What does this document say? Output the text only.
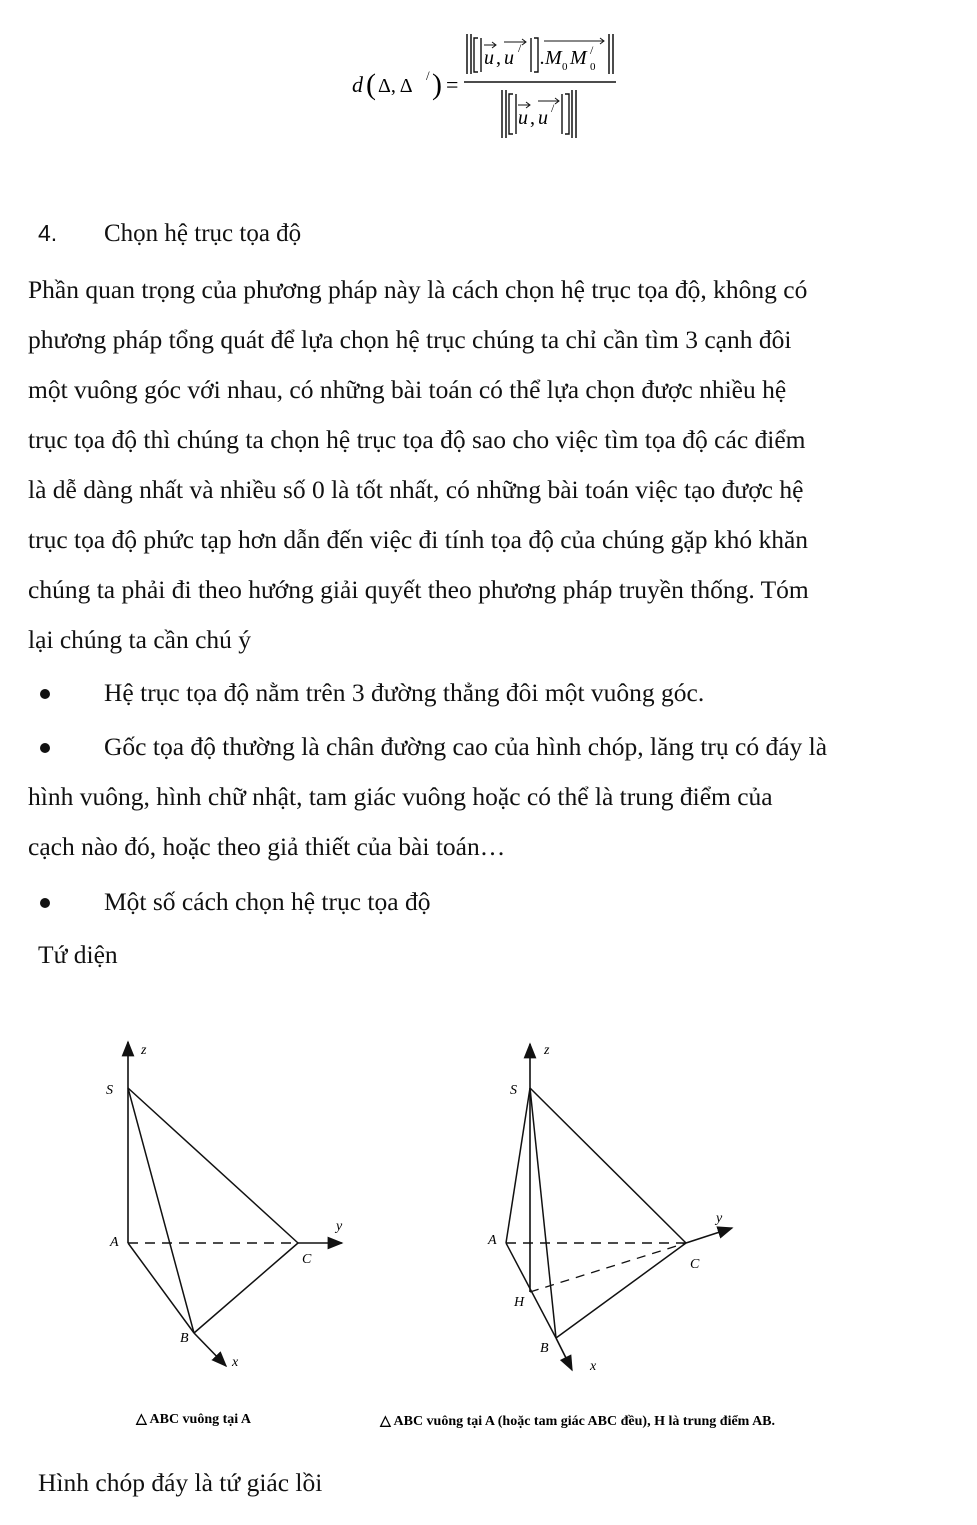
d ( Δ, Δ / ) =
u , u / .M 0 M /
0
u , u /
4. Chọn hệ trục tọa độ
Phần quan trọng của phương pháp này là cách chọn hệ trục tọa độ, không có
phương pháp tổng quát để lựa chọn hệ trục chúng ta chỉ cần tìm 3 cạnh đôi
một vuông góc với nhau, có những bài toán có thể lựa chọn được nhiều hệ
trục tọa độ thì chúng ta chọn hệ trục tọa độ sao cho việc tìm tọa độ các điểm
là dễ dàng nhất và nhiều số 0 là tốt nhất, có những bài toán việc tạo được hệ
trục tọa độ phức tạp hơn dẫn đến việc đi tính tọa độ của chúng gặp khó khăn
chúng ta phải đi theo hướng giải quyết theo phương pháp truyền thống. Tóm
lại chúng ta cần chú ý
Hệ trục tọa độ nằm trên 3 đường thẳng đôi một vuông góc.
Gốc tọa độ thường là chân đường cao của hình chóp, lăng trụ có đáy là
hình vuông, hình chữ nhật, tam giác vuông hoặc có thể là trung điểm của
cạch nào đó, hoặc theo giả thiết của bài toán…
Một số cách chọn hệ trục tọa độ
Tứ diện
z
S
A
y
C
B
x
z
S
A
y
C
H
B
x
△ ABC vuông tại A	△ ABC vuông tại A (hoặc tam giác ABC đều), H là trung điểm AB.
Hình chóp đáy là tứ giác lồi
